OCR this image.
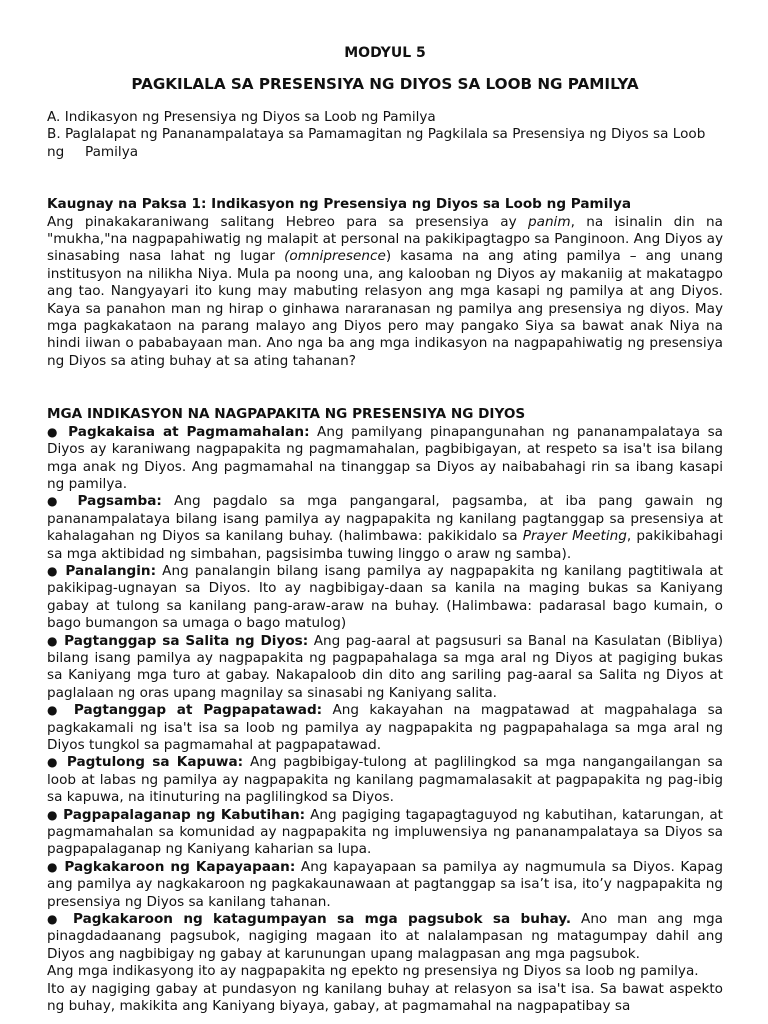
MODYUL 5
PAGKILALA SA PRESENSIYA NG DIYOS SA LOOB NG PAMILYA

A. Indikasyon ng Presensiya ng Diyos sa Loob ng Pamilya

B. Paglalapat ng Pananampalataya sa Pamamagitan ng Pagkilala sa Presensiya ng Diyos sa Loob
ng Pamilya

Kaugnay na Paksa 1: Indikasyon ng Presensiya ng Diyos sa Loob ng Pamilya

Ang pinakakaraniwang salitang Hebreo para sa presensiya ay panim, na isinalin din na "mukha,"na nagpapahiwatig ng malapit at personal na pakikipagtagpo sa Panginoon. Ang Diyos ay sinasabing nasa lahat ng lugar (omnipresence) kasama na ang ating pamilya – ang unang institusyon na nilikha Niya. Mula pa noong una, ang kalooban ng Diyos ay makaniig at makatagpo ang tao. Nangyayari ito kung may mabuting relasyon ang mga kasapi ng pamilya at ang Diyos. Kaya sa panahon man ng hirap o ginhawa nararanasan ng pamilya ang presensiya ng diyos. May mga pagkakataon na parang malayo ang Diyos pero may pangako Siya sa bawat anak Niya na hindi iiwan o pababayaan man. Ano nga ba ang mga indikasyon na nagpapahiwatig ng presensiya ng Diyos sa ating buhay at sa ating tahanan?

MGA INDIKASYON NA NAGPAPAKITA NG PRESENSIYA NG DIYOS

● Pagkakaisa at Pagmamahalan: Ang pamilyang pinapangunahan ng pananampalataya sa Diyos ay karaniwang nagpapakita ng pagmamahalan, pagbibigayan, at respeto sa isa't isa bilang mga anak ng Diyos. Ang pagmamahal na tinanggap sa Diyos ay naibabahagi rin sa ibang kasapi ng pamilya.

● Pagsamba: Ang pagdalo sa mga pangangaral, pagsamba, at iba pang gawain ng pananampalataya bilang isang pamilya ay nagpapakita ng kanilang pagtanggap sa presensiya at kahalagahan ng Diyos sa kanilang buhay. (halimbawa: pakikidalo sa Prayer Meeting, pakikibahagi sa mga aktibidad ng simbahan, pagsisimba tuwing linggo o araw ng samba).

● Panalangin: Ang panalangin bilang isang pamilya ay nagpapakita ng kanilang pagtitiwala at pakikipag-ugnayan sa Diyos. Ito ay nagbibigay-daan sa kanila na maging bukas sa Kaniyang gabay at tulong sa kanilang pang-araw-araw na buhay. (Halimbawa: padarasal bago kumain, o bago bumangon sa umaga o bago matulog)

● Pagtanggap sa Salita ng Diyos: Ang pag-aaral at pagsusuri sa Banal na Kasulatan (Bibliya) bilang isang pamilya ay nagpapakita ng pagpapahalaga sa mga aral ng Diyos at pagiging bukas sa Kaniyang mga turo at gabay. Nakapaloob din dito ang sariling pag-aaral sa Salita ng Diyos at paglalaan ng oras upang magnilay sa sinasabi ng Kaniyang salita.

● Pagtanggap at Pagpapatawad: Ang kakayahan na magpatawad at magpahalaga sa pagkakamali ng isa't isa sa loob ng pamilya ay nagpapakita ng pagpapahalaga sa mga aral ng Diyos tungkol sa pagmamahal at pagpapatawad.

● Pagtulong sa Kapuwa: Ang pagbibigay-tulong at paglilingkod sa mga nangangailangan sa loob at labas ng pamilya ay nagpapakita ng kanilang pagmamalasakit at pagpapakita ng pag-ibig sa kapuwa, na itinuturing na paglilingkod sa Diyos.

● Pagpapalaganap ng Kabutihan: Ang pagiging tagapagtaguyod ng kabutihan, katarungan, at pagmamahalan sa komunidad ay nagpapakita ng impluwensiya ng pananampalataya sa Diyos sa pagpapalaganap ng Kaniyang kaharian sa lupa.

● Pagkakaroon ng Kapayapaan: Ang kapayapaan sa pamilya ay nagmumula sa Diyos. Kapag ang pamilya ay nagkakaroon ng pagkakaunawaan at pagtanggap sa isa’t isa, ito’y nagpapakita ng presensiya ng Diyos sa kanilang tahanan.

● Pagkakaroon ng katagumpayan sa mga pagsubok sa buhay. Ano man ang mga pinagdadaanang pagsubok, nagiging magaan ito at nalalampasan ng matagumpay dahil ang Diyos ang nagbibigay ng gabay at karunungan upang malagpasan ang mga pagsubok.

Ang mga indikasyong ito ay nagpapakita ng epekto ng presensiya ng Diyos sa loob ng pamilya.

Ito ay nagiging gabay at pundasyon ng kanilang buhay at relasyon sa isa't isa. Sa bawat aspekto ng buhay, makikita ang Kaniyang biyaya, gabay, at pagmamahal na nagpapatibay sa
